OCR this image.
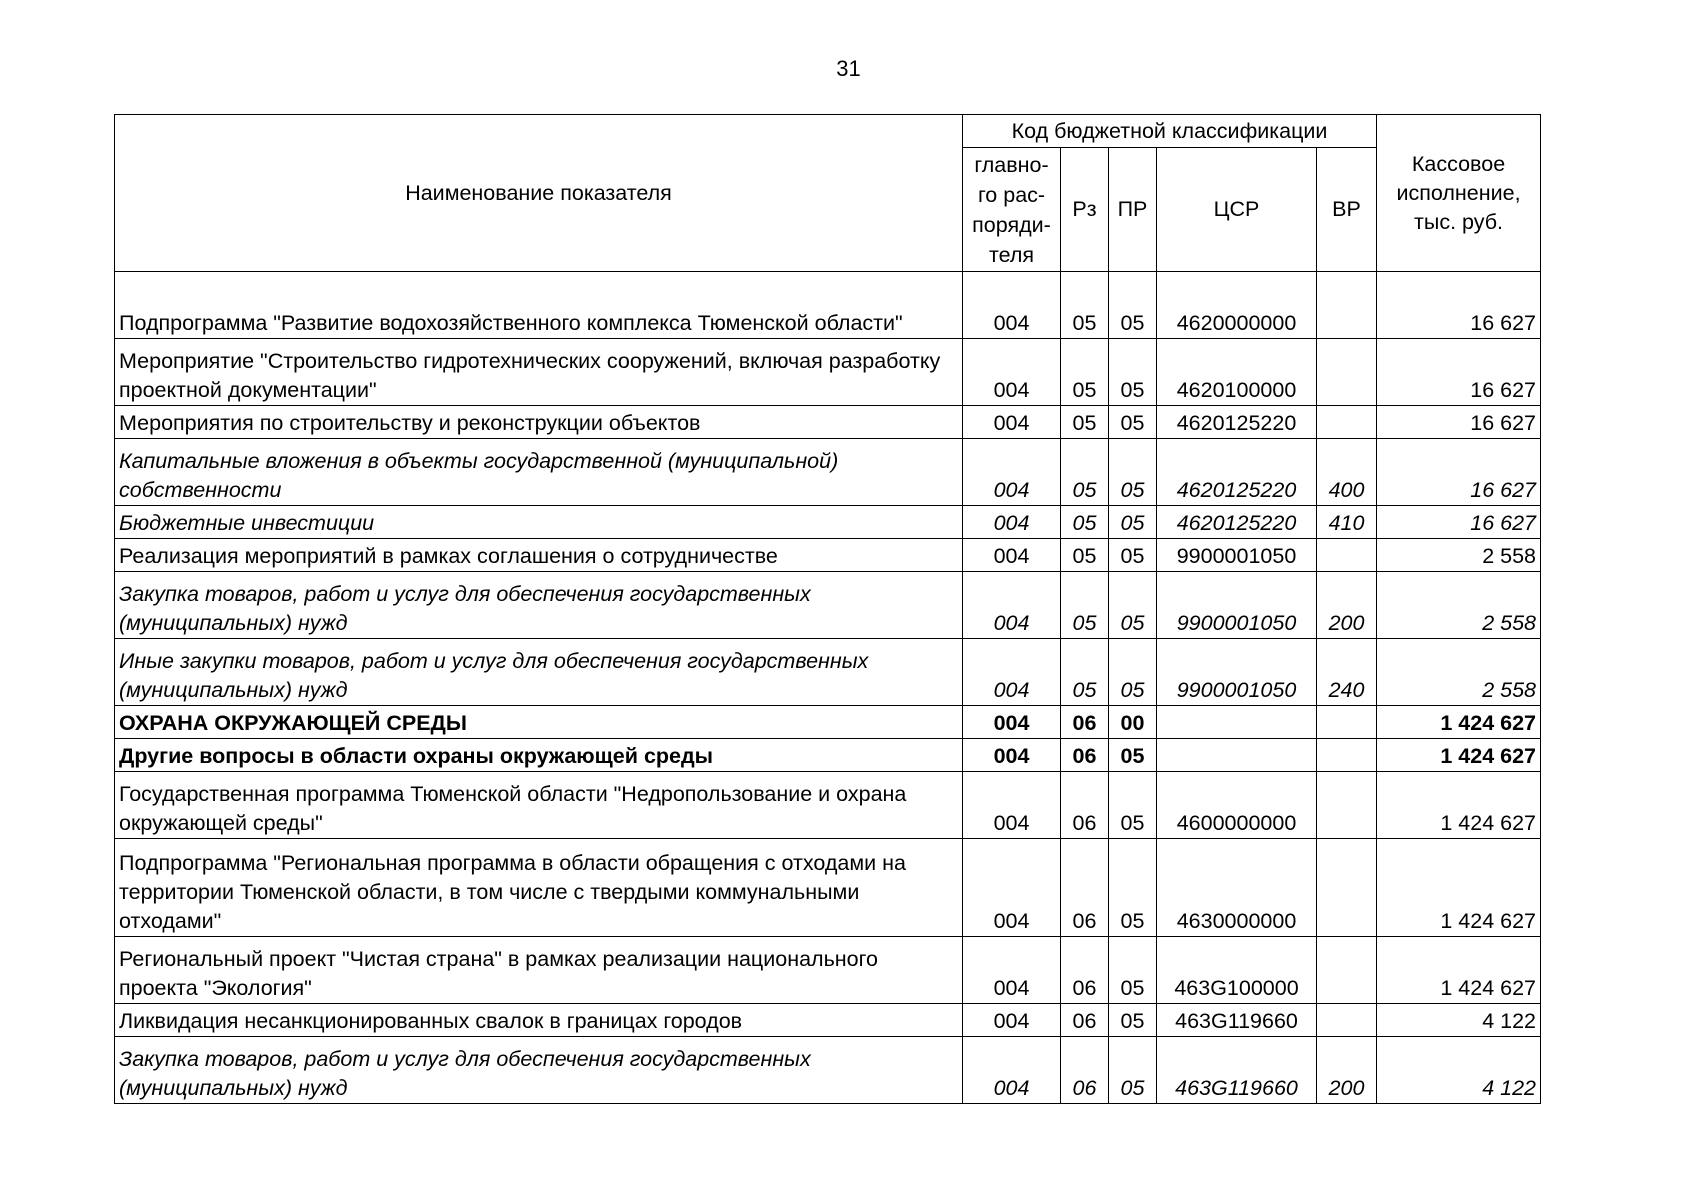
31
Наименование показателя	Код бюджетной классификации					Кассовое исполнение, тыс. руб.
	главно-го рас-поряди-теля	Рз	ПР	ЦСР	ВР	
Подпрограмма "Развитие водохозяйственного комплекса Тюменской области"	004	05	05	4620000000		16 627
Мероприятие "Строительство гидротехнических сооружений, включая разработку проектной документации"	004	05	05	4620100000		16 627
Мероприятия по строительству и реконструкции объектов	004	05	05	4620125220		16 627
Капитальные вложения в объекты государственной (муниципальной) собственности	004	05	05	4620125220	400	16 627
Бюджетные инвестиции	004	05	05	4620125220	410	16 627
Реализация мероприятий в рамках соглашения о сотрудничестве	004	05	05	9900001050		2 558
Закупка товаров, работ и услуг для обеспечения государственных (муниципальных) нужд	004	05	05	9900001050	200	2 558
Иные закупки товаров, работ и услуг для обеспечения государственных (муниципальных) нужд	004	05	05	9900001050	240	2 558
ОХРАНА ОКРУЖАЮЩЕЙ СРЕДЫ	004	06	00			1 424 627
Другие вопросы в области охраны окружающей среды	004	06	05			1 424 627
Государственная программа Тюменской области "Недропользование и охрана окружающей среды"	004	06	05	4600000000		1 424 627
Подпрограмма "Региональная программа в области обращения с отходами на территории Тюменской области, в том числе с твердыми коммунальными отходами"	004	06	05	4630000000		1 424 627
Региональный проект "Чистая страна" в рамках реализации национального проекта "Экология"	004	06	05	463G100000		1 424 627
Ликвидация несанкционированных свалок в границах городов	004	06	05	463G119660		4 122
Закупка товаров, работ и услуг для обеспечения государственных (муниципальных) нужд	004	06	05	463G119660	200	4 122
